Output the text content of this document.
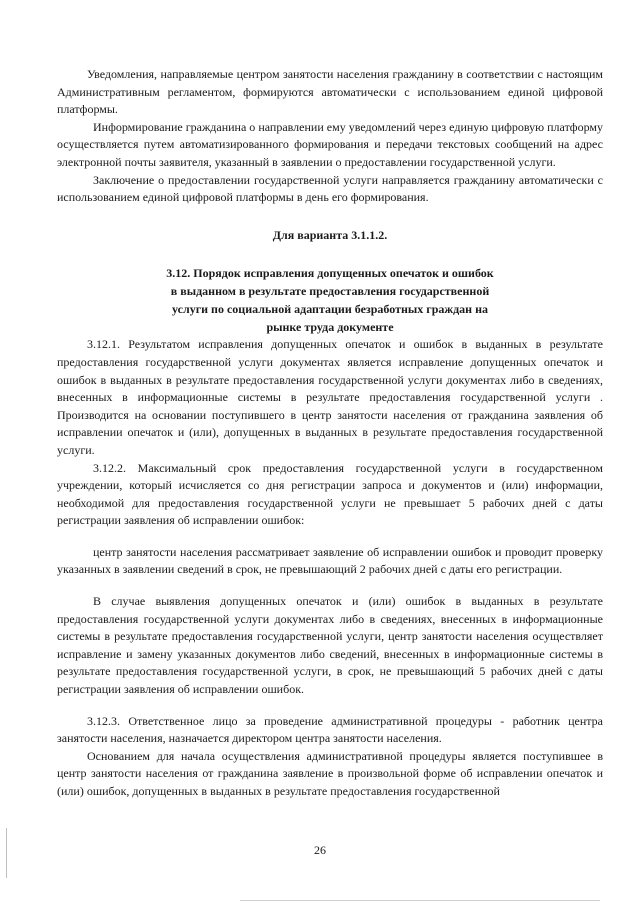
Уведомления, направляемые центром занятости населения гражданину в соответствии с настоящим Административным регламентом, формируются автоматически с использованием единой цифровой платформы.

Информирование гражданина о направлении ему уведомлений через единую цифровую платформу осуществляется путем автоматизированного формирования и передачи текстовых сообщений на адрес электронной почты заявителя, указанный в заявлении о предоставлении государственной услуги.

Заключение о предоставлении государственной услуги направляется гражданину автоматически с использованием единой цифровой платформы в день его формирования.

Для варианта 3.1.1.2.

3.12. Порядок исправления допущенных опечаток и ошибок

в выданном в результате предоставления государственной

услуги по социальной адаптации безработных граждан на

рынке труда документе

3.12.1. Результатом исправления допущенных опечаток и ошибок в выданных в результате предоставления государственной услуги документах является исправление допущенных опечаток и ошибок в выданных в результате предоставления государственной услуги документах либо в сведениях, внесенных в информационные системы в результате предоставления государственной услуги . Производится на основании поступившего в центр занятости населения от гражданина заявления об исправлении опечаток и (или), допущенных в выданных в результате предоставления государственной услуги.

3.12.2. Максимальный срок предоставления государственной услуги в государственном учреждении, который исчисляется со дня регистрации запроса и документов и (или) информации, необходимой для предоставления государственной услуги не превышает 5 рабочих дней с даты регистрации заявления об исправлении ошибок:

центр занятости населения рассматривает заявление об исправлении ошибок и проводит проверку указанных в заявлении сведений в срок, не превышающий 2 рабочих дней с даты его регистрации.

В случае выявления допущенных опечаток и (или) ошибок в выданных в результате предоставления государственной услуги документах либо в сведениях, внесенных в информационные системы в результате предоставления государственной услуги, центр занятости населения осуществляет исправление и замену указанных документов либо сведений, внесенных в информационные системы в результате предоставления государственной услуги, в срок, не превышающий 5 рабочих дней с даты регистрации заявления об исправлении ошибок.

3.12.3. Ответственное лицо за проведение административной процедуры - работник центра занятости населения, назначается директором центра занятости населения.

Основанием для начала осуществления административной процедуры является поступившее в центр занятости населения от гражданина заявление в произвольной форме об исправлении опечаток и (или) ошибок, допущенных в выданных в результате предоставления государственной

26
